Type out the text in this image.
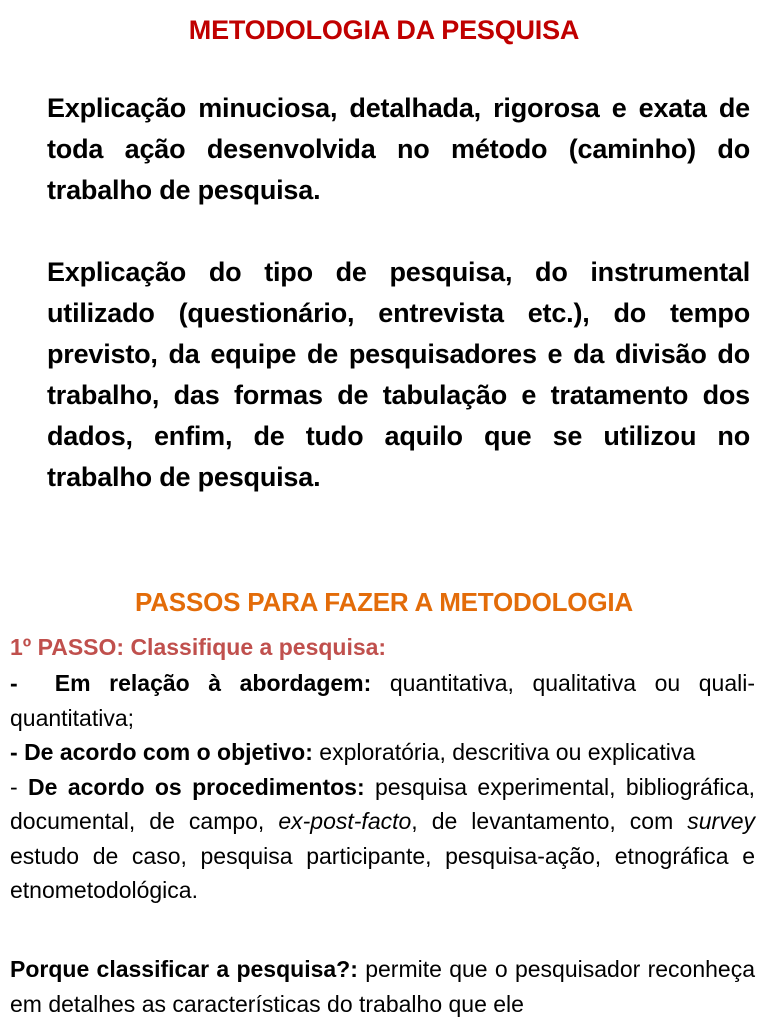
METODOLOGIA DA PESQUISA
Explicação minuciosa, detalhada, rigorosa e exata de toda ação desenvolvida no método (caminho) do trabalho de pesquisa.
Explicação do tipo de pesquisa, do instrumental utilizado (questionário, entrevista etc.), do tempo previsto, da equipe de pesquisadores e da divisão do trabalho, das formas de tabulação e tratamento dos dados, enfim, de tudo aquilo que se utilizou no trabalho de pesquisa.
PASSOS PARA FAZER A METODOLOGIA
1º PASSO: Classifique a pesquisa:

-  Em relação à abordagem: quantitativa, qualitativa ou quali-quantitativa;

- De acordo com o objetivo: exploratória, descritiva ou explicativa

- De acordo os procedimentos: pesquisa experimental, bibliográfica, documental, de campo, ex-post-facto, de levantamento, com survey estudo de caso, pesquisa participante, pesquisa-ação, etnográfica e etnometodológica.

Porque classificar a pesquisa?: permite que o pesquisador reconheça em detalhes as características do trabalho que ele
